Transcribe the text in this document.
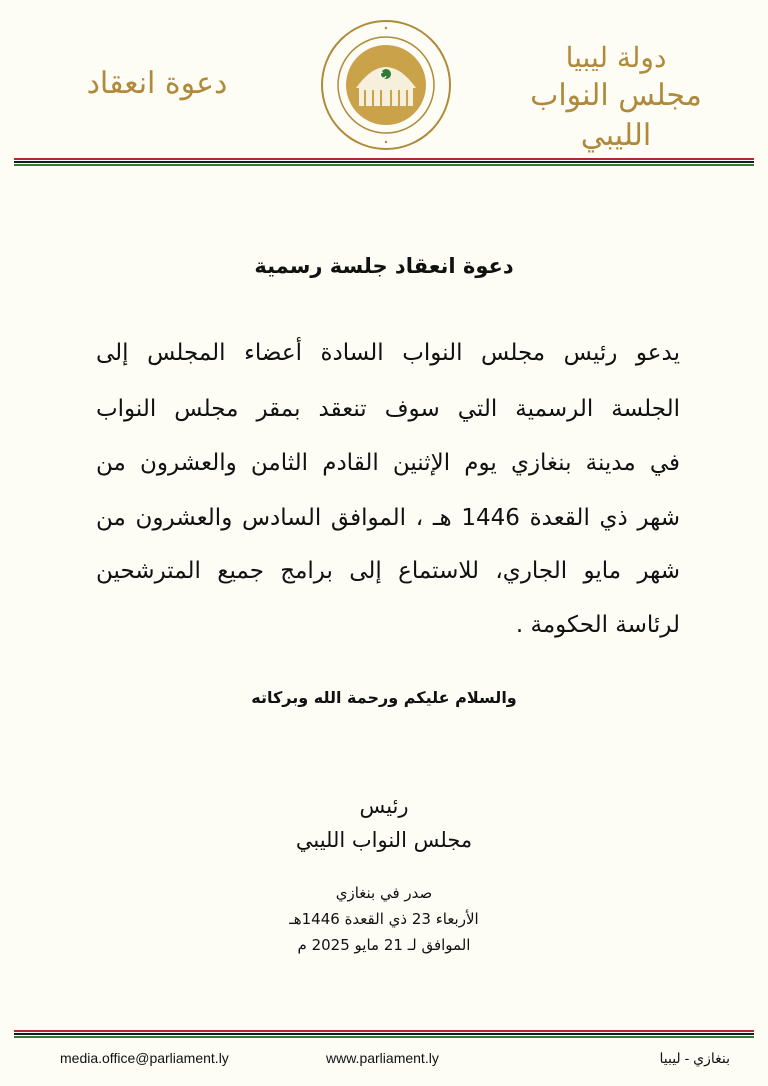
دعوة انعقاد
دولة ليبيا
مجلس النواب الليبي
دعوة انعقاد جلسة رسمية
يدعو رئيس مجلس النواب السادة أعضاء المجلس إلى
الجلسة الرسمية التي سوف تنعقد بمقر مجلس النواب
في مدينة بنغازي يوم الإثنين القادم الثامن والعشرون من
شهر ذي القعدة 1446 هـ ، الموافق السادس والعشرون من
شهر مايو الجاري، للاستماع إلى برامج جميع المترشحين
لرئاسة الحكومة .
والسلام عليكم ورحمة الله وبركاته
رئيس
مجلس النواب الليبي
صدر في بنغازي
الأربعاء 23 ذي القعدة 1446هـ
الموافق لـ 21 مايو 2025 م
media.office@parliament.ly	www.parliament.ly	بنغازي - ليبيا
